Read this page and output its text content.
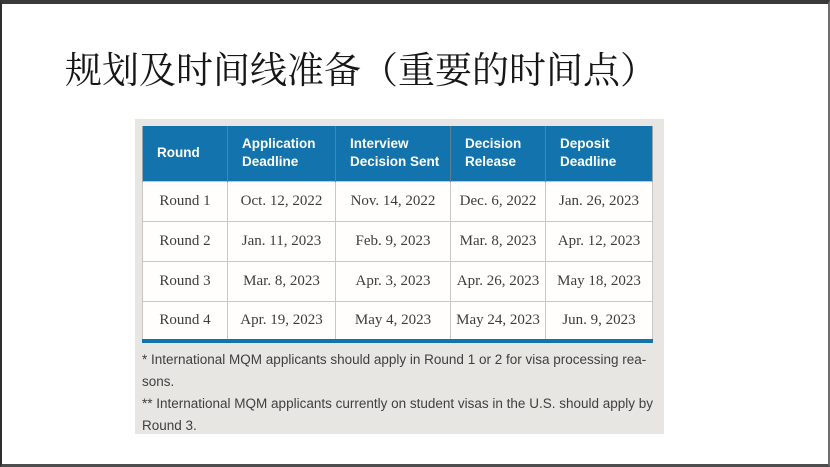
规划及时间线准备（重要的时间点）
Round	Application Deadline	Interview Decision Sent	Decision Release	Deposit Deadline
Round 1	Oct. 12, 2022	Nov. 14, 2022	Dec. 6, 2022	Jan. 26, 2023
Round 2	Jan. 11, 2023	Feb. 9, 2023	Mar. 8, 2023	Apr. 12, 2023
Round 3	Mar. 8, 2023	Apr. 3, 2023	Apr. 26, 2023	May 18, 2023
Round 4	Apr. 19, 2023	May 4, 2023	May 24, 2023	Jun. 9, 2023
* International MQM applicants should apply in Round 1 or 2 for visa processing rea-
sons.
** International MQM applicants currently on student visas in the U.S. should apply by
Round 3.
